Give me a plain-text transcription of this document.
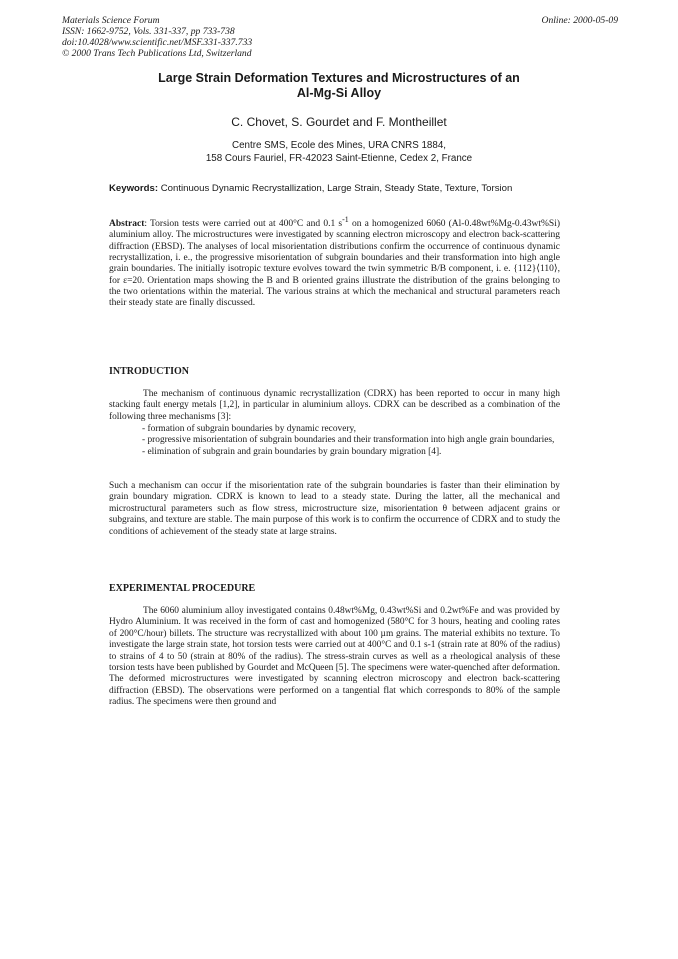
Materials Science Forum
ISSN: 1662-9752, Vols. 331-337, pp 733-738
doi:10.4028/www.scientific.net/MSF.331-337.733
© 2000 Trans Tech Publications Ltd, Switzerland
Online: 2000-05-09
Large Strain Deformation Textures and Microstructures of an
Al-Mg-Si Alloy
C. Chovet, S. Gourdet and F. Montheillet
Centre SMS, Ecole des Mines, URA CNRS 1884,
158 Cours Fauriel, FR-42023 Saint-Etienne, Cedex 2, France
Keywords: Continuous Dynamic Recrystallization, Large Strain, Steady State, Texture, Torsion
Abstract: Torsion tests were carried out at 400°C and 0.1 $s^{-1}$ on a homogenized 6060 (Al-0.48wt%Mg-0.43wt%Si) aluminium alloy. The microstructures were investigated by scanning electron microscopy and electron back-scattering diffraction (EBSD). The analyses of local misorientation distributions confirm the occurrence of continuous dynamic recrystallization, i. e., the progressive misorientation of subgrain boundaries and their transformation into high angle grain boundaries. The initially isotropic texture evolves toward the twin symmetric B/B component, i. e. {112}⟨110⟩, for ε=20. Orientation maps showing the B and B oriented grains illustrate the distribution of the grains belonging to the two orientations within the material. The various strains at which the mechanical and structural parameters reach their steady state are finally discussed.
INTRODUCTION

The mechanism of continuous dynamic recrystallization (CDRX) has been reported to occur in many high stacking fault energy metals [1,2], in particular in aluminium alloys. CDRX can be described as a combination of the following three mechanisms [3]:

- formation of subgrain boundaries by dynamic recovery,
- progressive misorientation of subgrain boundaries and their transformation into high angle grain boundaries,
- elimination of subgrain and grain boundaries by grain boundary migration [4].

Such a mechanism can occur if the misorientation rate of the subgrain boundaries is faster than their elimination by grain boundary migration. CDRX is known to lead to a steady state. During the latter, all the mechanical and microstructural parameters such as flow stress, microstructure size, misorientation θ between adjacent grains or subgrains, and texture are stable. The main purpose of this work is to confirm the occurrence of CDRX and to study the conditions of achievement of the steady state at large strains.

EXPERIMENTAL PROCEDURE

The 6060 aluminium alloy investigated contains 0.48wt%Mg, 0.43wt%Si and 0.2wt%Fe and was provided by Hydro Aluminium. It was received in the form of cast and homogenized (580°C for 3 hours, heating and cooling rates of 200°C/hour) billets. The structure was recrystallized with about 100 µm grains. The material exhibits no texture. To investigate the large strain state, hot torsion tests were carried out at 400°C and 0.1 s-1 (strain rate at 80% of the radius) to strains of 4 to 50 (strain at 80% of the radius). The stress-strain curves as well as a rheological analysis of these torsion tests have been published by Gourdet and McQueen [5]. The specimens were water-quenched after deformation. The deformed microstructures were investigated by scanning electron microscopy and electron back-scattering diffraction (EBSD). The observations were performed on a tangential flat which corresponds to 80% of the sample radius. The specimens were then ground and
